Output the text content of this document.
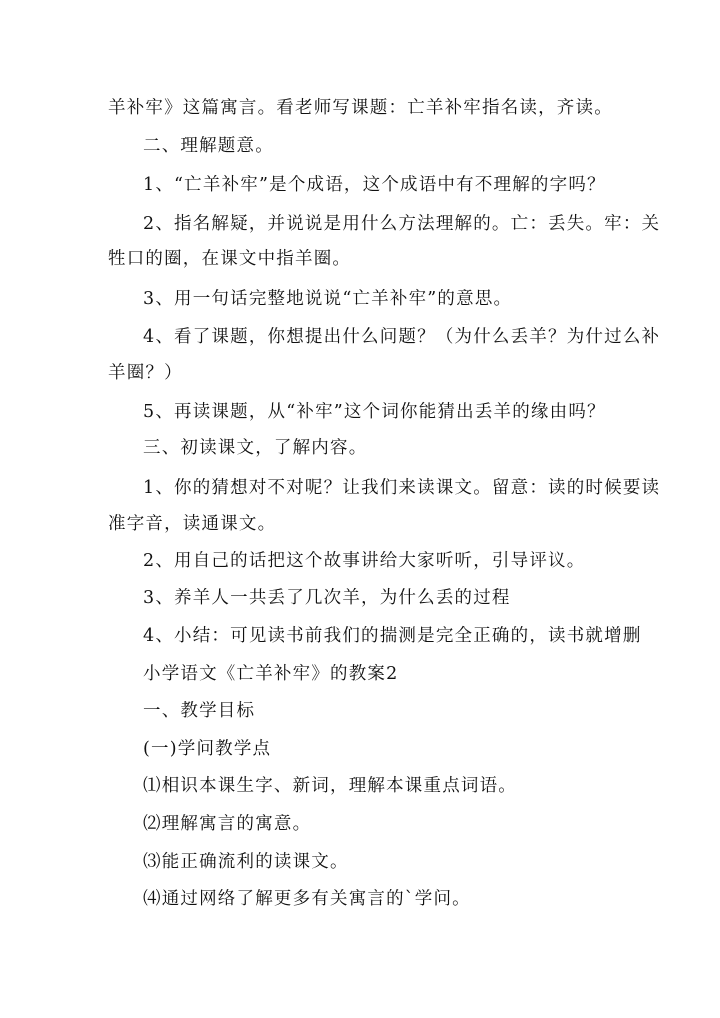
羊补牢》这篇寓言。看老师写课题：亡羊补牢指名读，齐读。
二、理解题意。
1、“亡羊补牢”是个成语，这个成语中有不理解的字吗？
2、指名解疑，并说说是用什么方法理解的。亡：丢失。牢：关
牲口的圈，在课文中指羊圈。
3、用一句话完整地说说“亡羊补牢”的意思。
4、看了课题，你想提出什么问题？（为什么丢羊？为什过么补
羊圈？）
5、再读课题，从“补牢”这个词你能猜出丢羊的缘由吗？
三、初读课文，了解内容。
1、你的猜想对不对呢？让我们来读课文。留意：读的时候要读
准字音，读通课文。
2、用自己的话把这个故事讲给大家听听，引导评议。
3、养羊人一共丢了几次羊，为什么丢的过程
4、小结：可见读书前我们的揣测是完全正确的，读书就增删
小学语文《亡羊补牢》的教案2
一、教学目标
(一)学问教学点
⑴相识本课生字、新词，理解本课重点词语。
⑵理解寓言的寓意。
⑶能正确流利的读课文。
⑷通过网络了解更多有关寓言的`学问。
